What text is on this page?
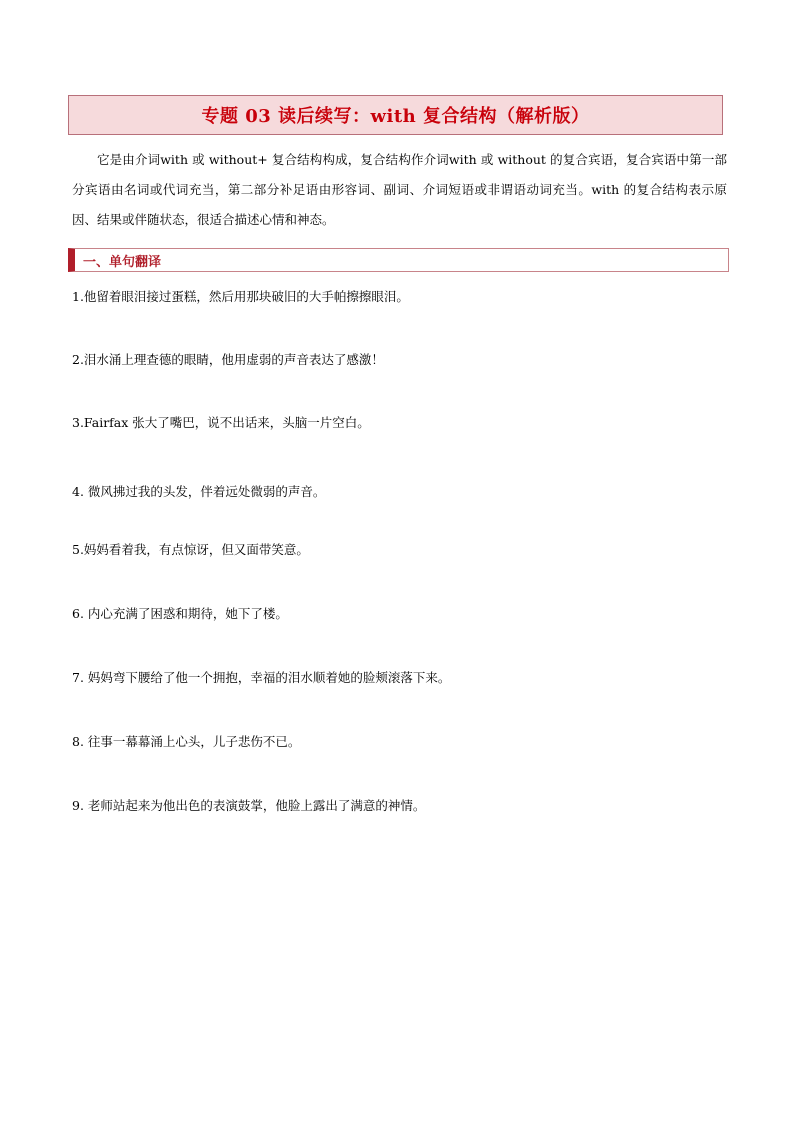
专题 03 读后续写：with 复合结构（解析版）

它是由介词with 或 without+ 复合结构构成，复合结构作介词with 或 without 的复合宾语，复合宾语中第一部分宾语由名词或代词充当，第二部分补足语由形容词、副词、介词短语或非谓语动词充当。with 的复合结构表示原因、结果或伴随状态，很适合描述心情和神态。

一、单句翻译

1.他留着眼泪接过蛋糕，然后用那块破旧的大手帕擦擦眼泪。

2.泪水涌上理查德的眼睛，他用虚弱的声音表达了感激！

3.Fairfax 张大了嘴巴，说不出话来，头脑一片空白。

4. 微风拂过我的头发，伴着远处微弱的声音。

5.妈妈看着我，有点惊讶，但又面带笑意。

6. 内心充满了困惑和期待，她下了楼。

7. 妈妈弯下腰给了他一个拥抱，幸福的泪水顺着她的脸颊滚落下来。

8. 往事一幕幕涌上心头，儿子悲伤不已。

9. 老师站起来为他出色的表演鼓掌，他脸上露出了满意的神情。
